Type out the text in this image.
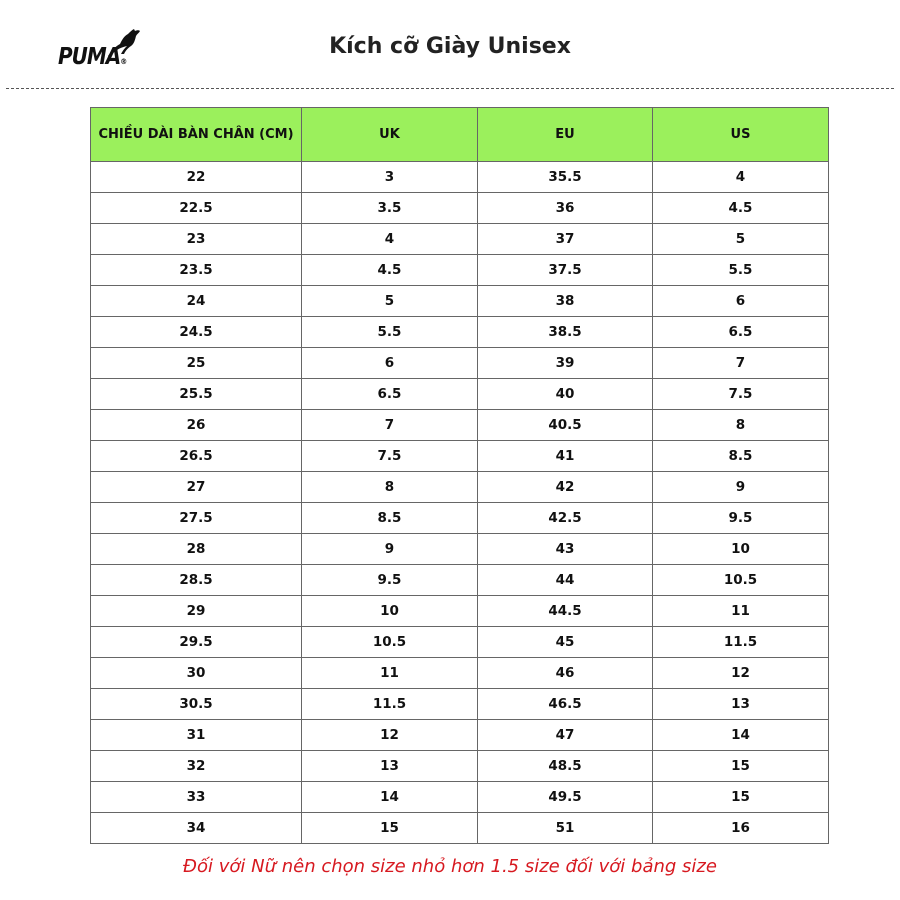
PUMA®
Kích cỡ Giày Unisex
CHIỀU DÀI BÀN CHÂN (CM)	UK	EU	US
22	3	35.5	4
22.5	3.5	36	4.5
23	4	37	5
23.5	4.5	37.5	5.5
24	5	38	6
24.5	5.5	38.5	6.5
25	6	39	7
25.5	6.5	40	7.5
26	7	40.5	8
26.5	7.5	41	8.5
27	8	42	9
27.5	8.5	42.5	9.5
28	9	43	10
28.5	9.5	44	10.5
29	10	44.5	11
29.5	10.5	45	11.5
30	11	46	12
30.5	11.5	46.5	13
31	12	47	14
32	13	48.5	15
33	14	49.5	15
34	15	51	16
Đối với Nữ nên chọn size nhỏ hơn 1.5 size đối với bảng size
